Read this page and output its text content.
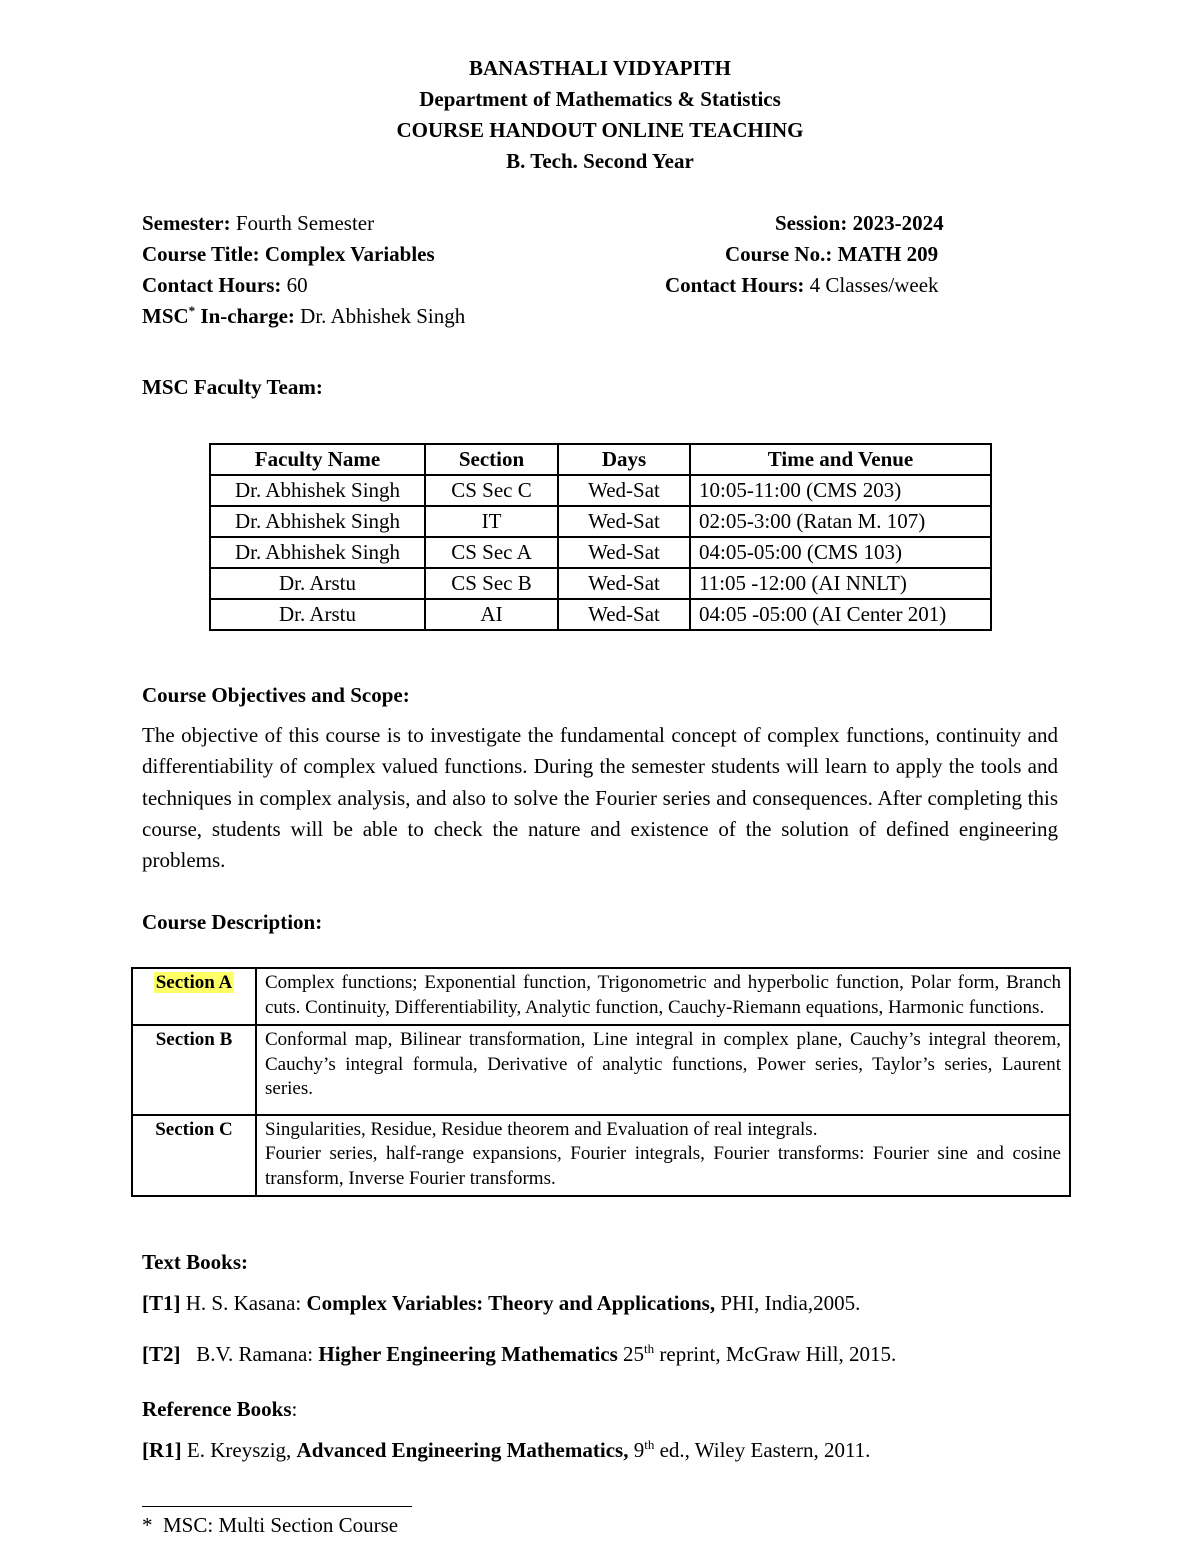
BANASTHALI VIDYAPITH
Department of Mathematics & Statistics
COURSE HANDOUT ONLINE TEACHING
B. Tech. Second Year
Semester: Fourth Semester	Session: 2023-2024
Course Title: Complex Variables	Course No.: MATH 209
Contact Hours: 60	Contact Hours: 4 Classes/week
MSC* In-charge: Dr. Abhishek Singh
MSC Faculty Team:
Faculty Name	Section	Days	Time and Venue
Dr. Abhishek Singh	CS Sec C	Wed-Sat	10:05-11:00 (CMS 203)
Dr. Abhishek Singh	IT	Wed-Sat	02:05-3:00 (Ratan M. 107)
Dr. Abhishek Singh	CS Sec A	Wed-Sat	04:05-05:00 (CMS 103)
Dr. Arstu	CS Sec B	Wed-Sat	11:05 -12:00 (AI NNLT)
Dr. Arstu	AI	Wed-Sat	04:05 -05:00 (AI Center 201)
Course Objectives and Scope:
The objective of this course is to investigate the fundamental concept of complex functions, continuity and differentiability of complex valued functions. During the semester students will learn to apply the tools and techniques in complex analysis, and also to solve the Fourier series and consequences. After completing this course, students will be able to check the nature and existence of the solution of defined engineering problems.
Course Description:
Section A	Complex functions; Exponential function, Trigonometric and hyperbolic function, Polar form, Branch cuts. Continuity, Differentiability, Analytic function, Cauchy-Riemann equations, Harmonic functions.
Section B	Conformal map, Bilinear transformation, Line integral in complex plane, Cauchy’s integral theorem, Cauchy’s integral formula, Derivative of analytic functions, Power series, Taylor’s series, Laurent series.
Section C	Singularities, Residue, Residue theorem and Evaluation of real integrals.
Fourier series, half-range expansions, Fourier integrals, Fourier transforms: Fourier sine and cosine transform, Inverse Fourier transforms.
Text Books:
[T1] H. S. Kasana: Complex Variables: Theory and Applications, PHI, India,2005.
[T2] B.V. Ramana: Higher Engineering Mathematics 25th reprint, McGraw Hill, 2015.
Reference Books:
[R1] E. Kreyszig, Advanced Engineering Mathematics, 9th ed., Wiley Eastern, 2011.
* MSC: Multi Section Course
